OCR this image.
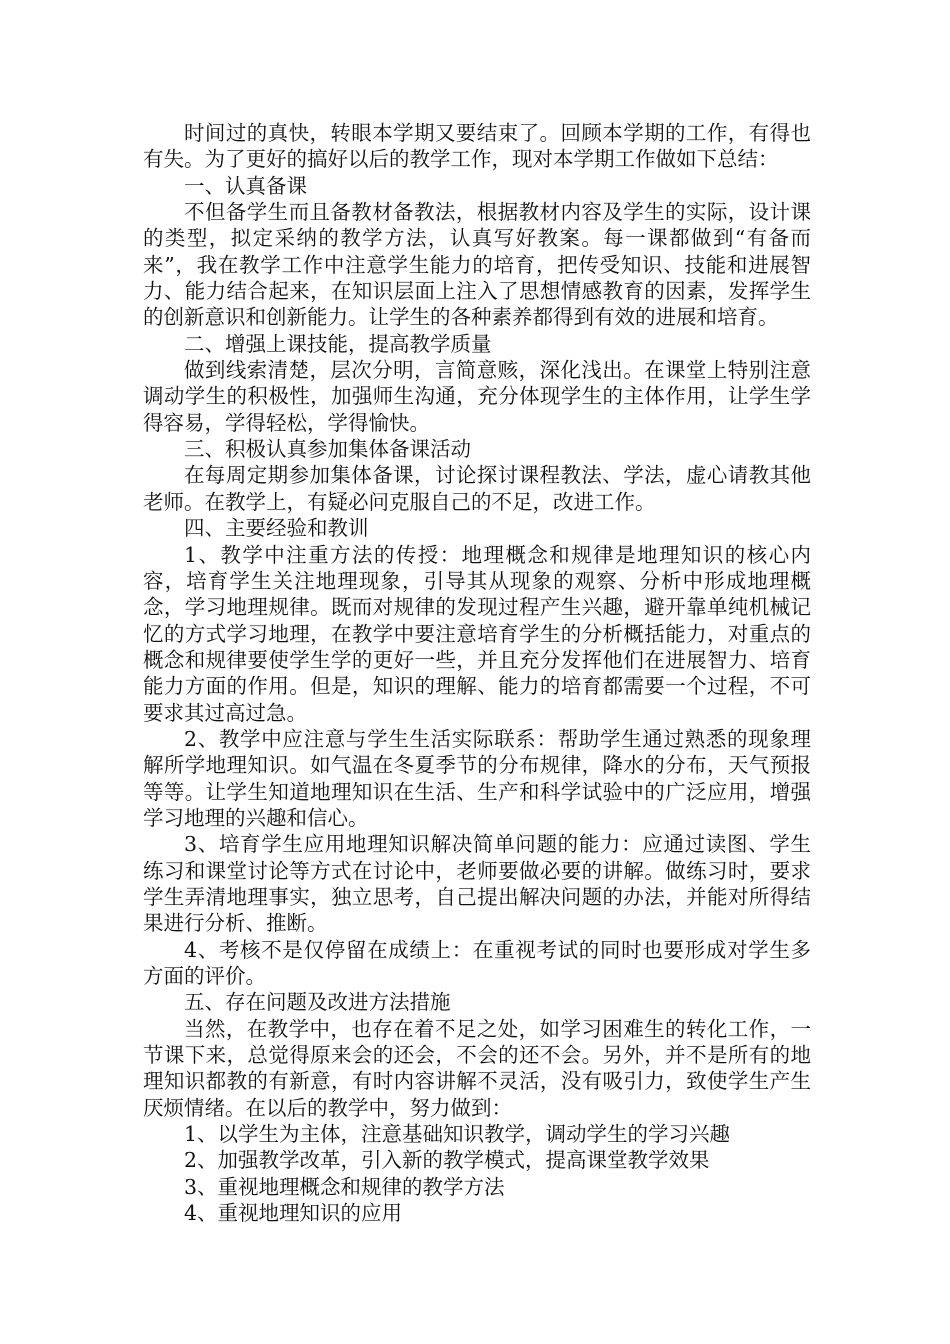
时间过的真快，转眼本学期又要结束了。回顾本学期的工作，有得也有失。为了更好的搞好以后的教学工作，现对本学期工作做如下总结：

一、认真备课

不但备学生而且备教材备教法，根据教材内容及学生的实际，设计课的类型，拟定采纳的教学方法，认真写好教案。每一课都做到“有备而来”，我在教学工作中注意学生能力的培育，把传受知识、技能和进展智力、能力结合起来，在知识层面上注入了思想情感教育的因素，发挥学生的创新意识和创新能力。让学生的各种素养都得到有效的进展和培育。

二、增强上课技能，提高教学质量

做到线索清楚，层次分明，言简意赅，深化浅出。在课堂上特别注意调动学生的积极性，加强师生沟通，充分体现学生的主体作用，让学生学得容易，学得轻松，学得愉快。

三、积极认真参加集体备课活动

在每周定期参加集体备课，讨论探讨课程教法、学法，虚心请教其他老师。在教学上，有疑必问克服自己的不足，改进工作。

四、主要经验和教训

1、教学中注重方法的传授：地理概念和规律是地理知识的核心内容，培育学生关注地理现象，引导其从现象的观察、分析中形成地理概念，学习地理规律。既而对规律的发现过程产生兴趣，避开靠单纯机械记忆的方式学习地理，在教学中要注意培育学生的分析概括能力，对重点的概念和规律要使学生学的更好一些，并且充分发挥他们在进展智力、培育能力方面的作用。但是，知识的理解、能力的培育都需要一个过程，不可要求其过高过急。

2、教学中应注意与学生生活实际联系：帮助学生通过熟悉的现象理解所学地理知识。如气温在冬夏季节的分布规律，降水的分布，天气预报等等。让学生知道地理知识在生活、生产和科学试验中的广泛应用，增强学习地理的兴趣和信心。

3、培育学生应用地理知识解决简单问题的能力：应通过读图、学生练习和课堂讨论等方式在讨论中，老师要做必要的讲解。做练习时，要求学生弄清地理事实，独立思考，自己提出解决问题的办法，并能对所得结果进行分析、推断。

4、考核不是仅停留在成绩上：在重视考试的同时也要形成对学生多方面的评价。

五、存在问题及改进方法措施

当然，在教学中，也存在着不足之处，如学习困难生的转化工作，一节课下来，总觉得原来会的还会，不会的还不会。另外，并不是所有的地理知识都教的有新意，有时内容讲解不灵活，没有吸引力，致使学生产生厌烦情绪。在以后的教学中，努力做到：

1、以学生为主体，注意基础知识教学，调动学生的学习兴趣

2、加强教学改革，引入新的教学模式，提高课堂教学效果

3、重视地理概念和规律的教学方法

4、重视地理知识的应用
